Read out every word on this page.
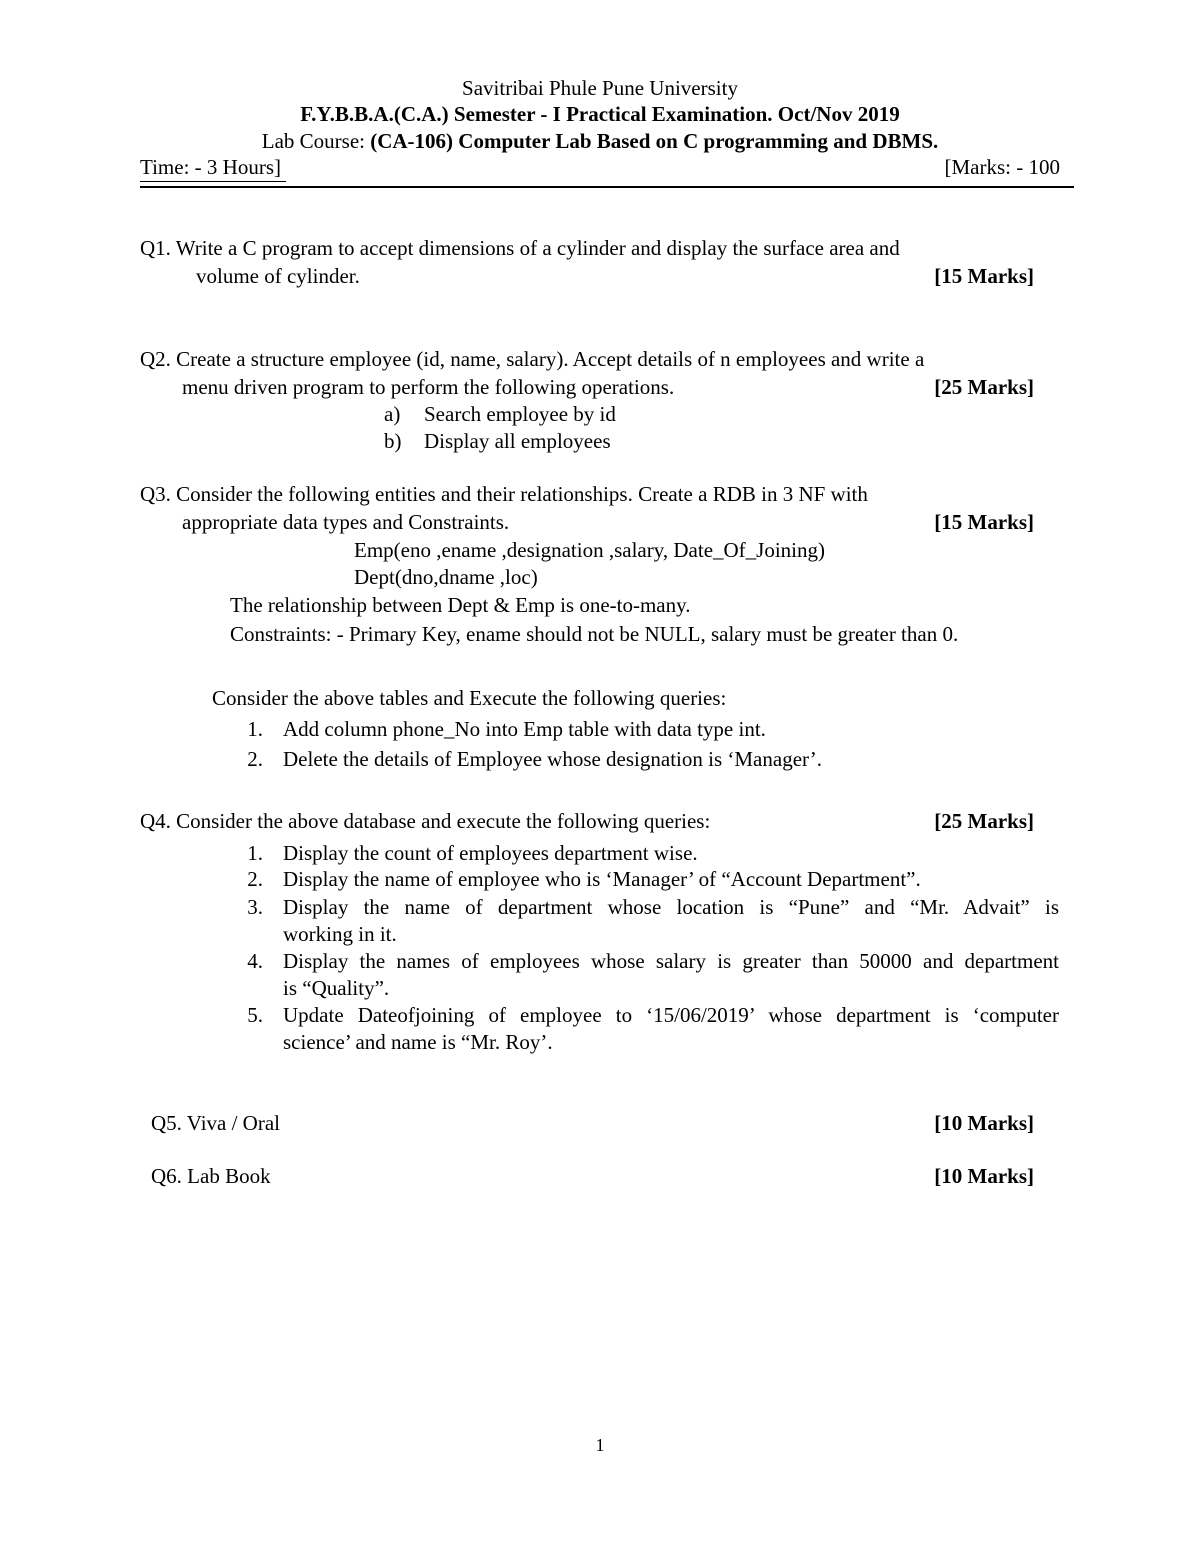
Savitribai Phule Pune University
F.Y.B.B.A.(C.A.) Semester - I Practical Examination. Oct/Nov 2019
Lab Course: (CA-106) Computer Lab Based on C programming and DBMS.
Time: - 3 Hours]	[Marks: - 100
Q1. Write a C program to accept dimensions of a cylinder and display the surface area and
volume of cylinder.	[15 Marks]
Q2. Create a structure employee (id, name, salary). Accept details of n employees and write a
menu driven program to perform the following operations.	[25 Marks]
a) Search employee by id
b) Display all employees
Q3. Consider the following entities and their relationships. Create a RDB in 3 NF with
appropriate data types and Constraints.	[15 Marks]
Emp(eno ,ename ,designation ,salary, Date_Of_Joining)
Dept(dno,dname ,loc)
The relationship between Dept & Emp is one-to-many.
Constraints: - Primary Key, ename should not be NULL, salary must be greater than 0.
Consider the above tables and Execute the following queries:
1. Add column phone_No into Emp table with data type int.
2. Delete the details of Employee whose designation is ‘Manager’.
Q4. Consider the above database and execute the following queries:	[25 Marks]
1. Display the count of employees department wise.
2. Display the name of employee who is ‘Manager’ of “Account Department”.
3. Display the name of department whose location is “Pune” and “Mr. Advait” is
working in it.
4. Display the names of employees whose salary is greater than 50000 and department
is “Quality”.
5. Update Dateofjoining of employee to ‘15/06/2019’ whose department is ‘computer
science’ and name is “Mr. Roy’.
Q5. Viva / Oral	[10 Marks]
Q6. Lab Book	[10 Marks]
1
